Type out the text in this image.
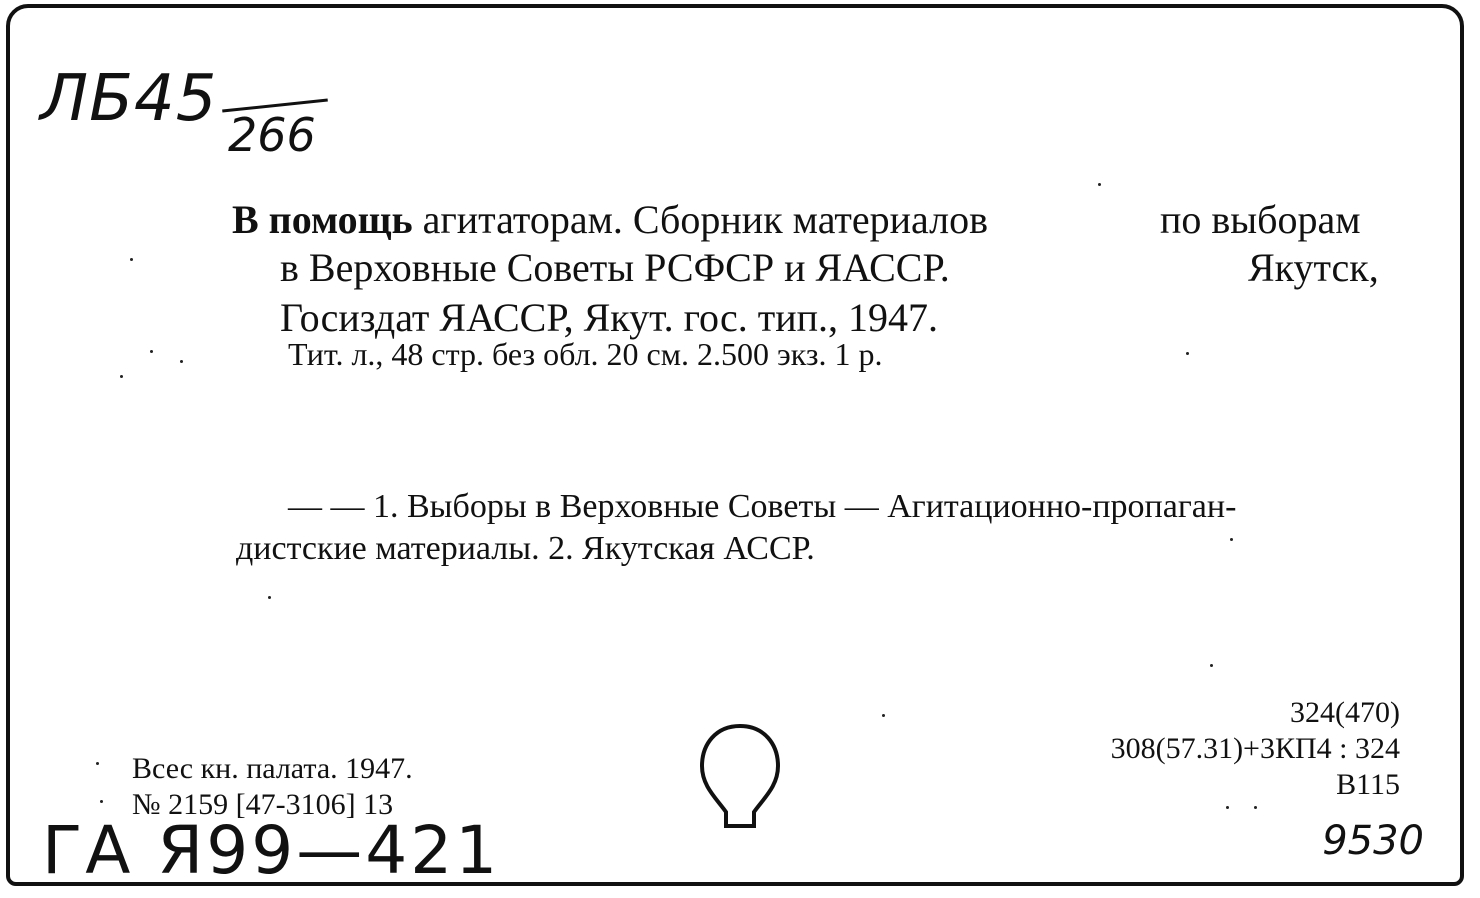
ЛБ45 266
В помощь агитаторам. Сборник материалов	по выборам
в Верховные Советы РСФСР и ЯАССР.	Якутск,
Госиздат ЯАССР, Якут. гос. тип., 1947.
Тит. л., 48 стр. без обл. 20 см. 2.500 экз. 1 р.
— — 1. Выборы в Верховные Советы — Агитационно-пропаган-
дистские материалы. 2. Якутская АССР.
Всес кн. палата. 1947.
№ 2159 [47-3106] 13
324(470)
308(57.31)+3КП4 : 324
В115
ГА Я99—421	9530
